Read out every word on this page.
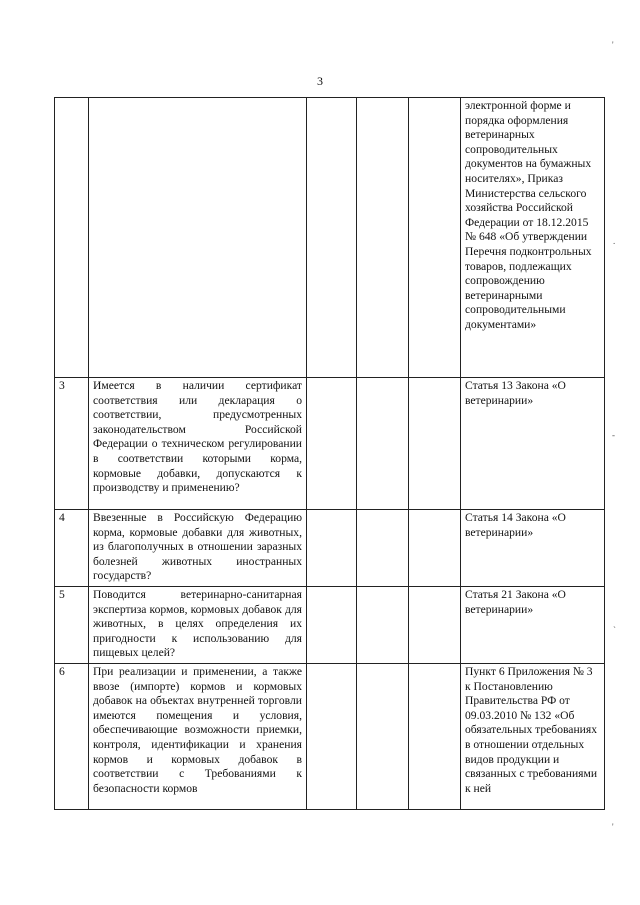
3
					электронной форме и порядка оформления ветеринарных сопроводительных документов на бумажных носителях», Приказ Министерства сельского хозяйства Российской Федерации от 18.12.2015 № 648 «Об утверждении Перечня подконтрольных товаров, подлежащих сопровождению ветеринарными сопроводительными документами»
3	Имеется в наличии сертификат соответствия или декларация о соответствии, предусмотренных законодательством Российской Федерации о техническом регулировании в соответствии которыми корма, кормовые добавки, допускаются к производству и применению?				Статья 13 Закона «О ветеринарии»
4	Ввезенные в Российскую Федерацию корма, кормовые добавки для животных, из благополучных в отношении заразных болезней животных иностранных государств?				Статья 14 Закона «О ветеринарии»
5	Поводится ветеринарно-санитарная экспертиза кормов, кормовых добавок для животных, в целях определения их пригодности к использованию для пищевых целей?				Статья 21 Закона «О ветеринарии»
6	При реализации и применении, а также ввозе (импорте) кормов и кормовых добавок на объектах внутренней торговли имеются помещения и условия, обеспечивающие возможности приемки, контроля, идентификации и хранения кормов и кормовых добавок в соответствии с Требованиями к безопасности кормов				Пункт 6 Приложения № 3 к Постановлению Правительства РФ от 09.03.2010 № 132 «Об обязательных требованиях в отношении отдельных видов продукции и связанных с требованиями к ней
'
.
-
`
'
